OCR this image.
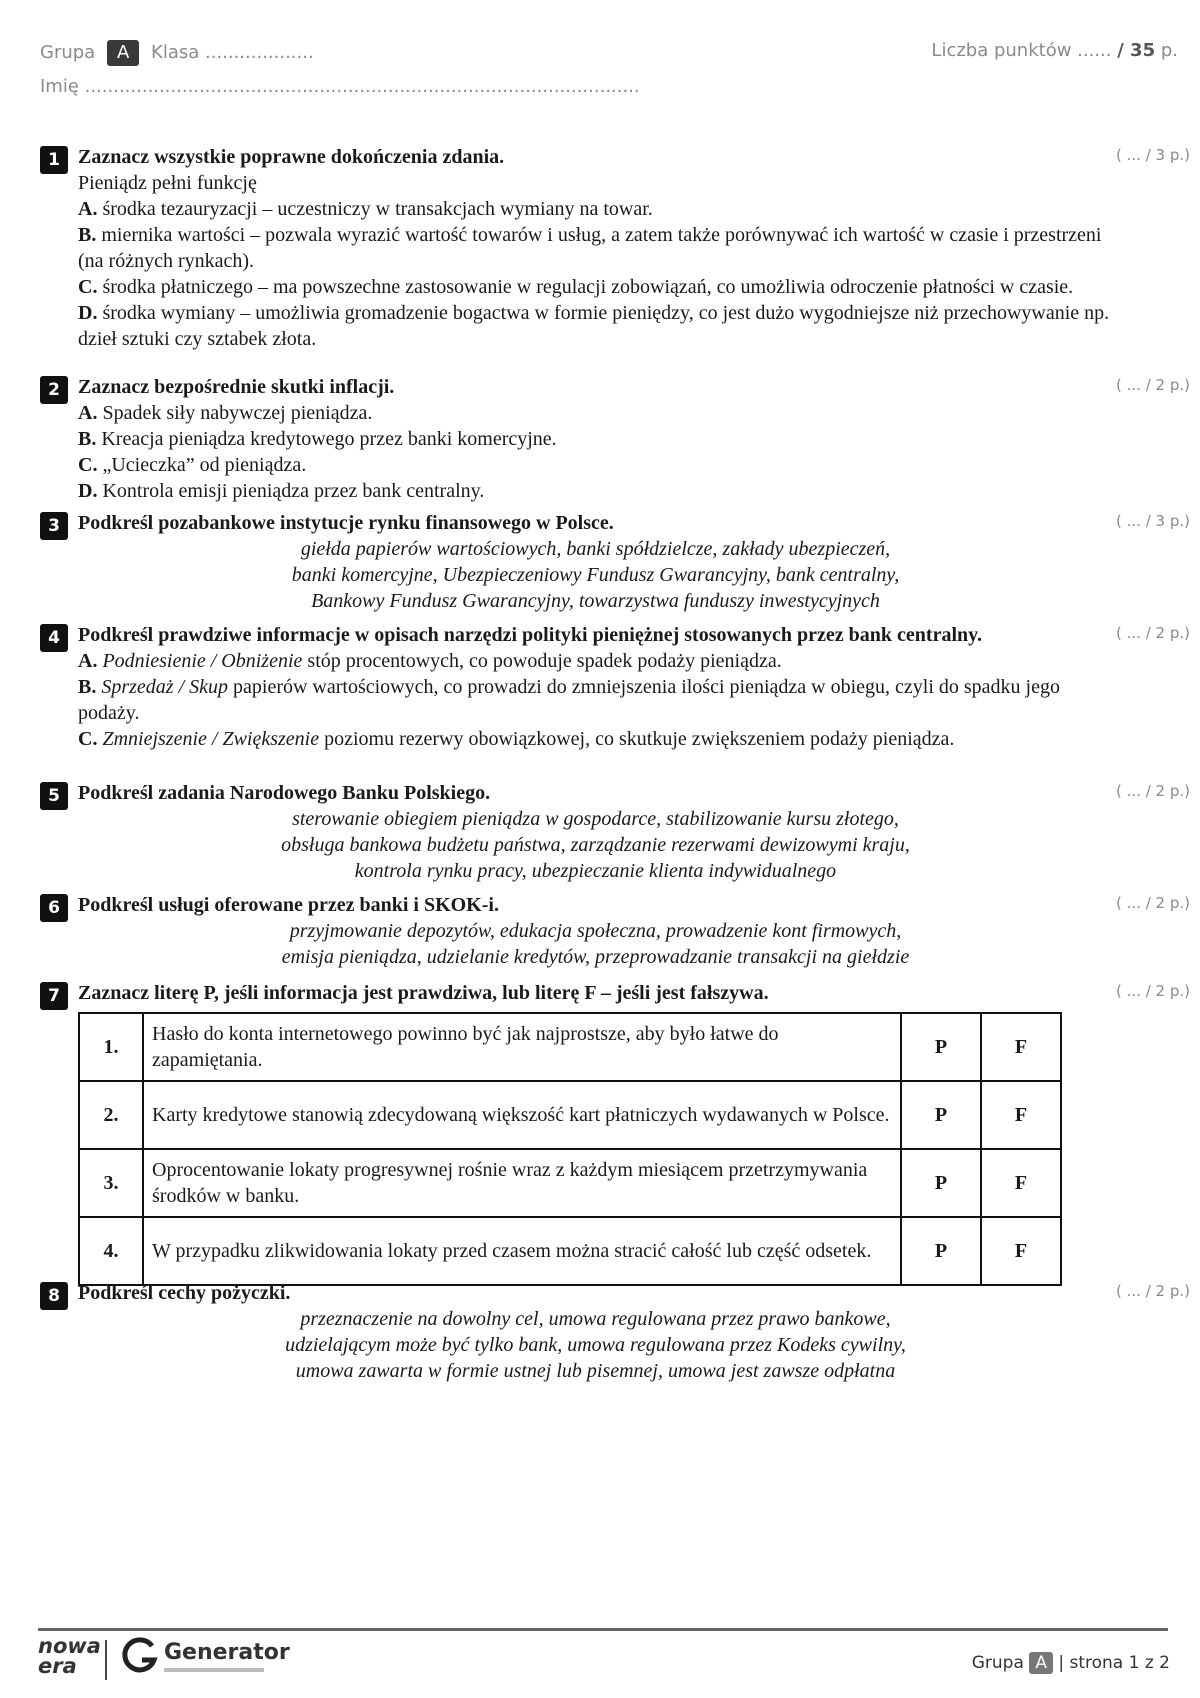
Grupa A Klasa ...................	Liczba punktów ...... / 35 p.
Imię .................................................................................................
1	( ... / 3 p.)
Zaznacz wszystkie poprawne dokończenia zdania.
Pieniądz pełni funkcję
A. środka tezauryzacji – uczestniczy w transakcjach wymiany na towar.
B. miernika wartości – pozwala wyrazić wartość towarów i usług, a zatem także porównywać ich wartość w czasie i przestrzeni (na różnych rynkach).
C. środka płatniczego – ma powszechne zastosowanie w regulacji zobowiązań, co umożliwia odroczenie płatności w czasie.
D. środka wymiany – umożliwia gromadzenie bogactwa w formie pieniędzy, co jest dużo wygodniejsze niż przechowywanie np. dzieł sztuki czy sztabek złota.
2	( ... / 2 p.)
Zaznacz bezpośrednie skutki inflacji.
A. Spadek siły nabywczej pieniądza.
B. Kreacja pieniądza kredytowego przez banki komercyjne.
C. „Ucieczka” od pieniądza.
D. Kontrola emisji pieniądza przez bank centralny.
3	( ... / 3 p.)
Podkreśl pozabankowe instytucje rynku finansowego w Polsce.
giełda papierów wartościowych, banki spółdzielcze, zakłady ubezpieczeń,
banki komercyjne, Ubezpieczeniowy Fundusz Gwarancyjny, bank centralny,
Bankowy Fundusz Gwarancyjny, towarzystwa funduszy inwestycyjnych
4	( ... / 2 p.)
Podkreśl prawdziwe informacje w opisach narzędzi polityki pieniężnej stosowanych przez bank centralny.
A. Podniesienie / Obniżenie stóp procentowych, co powoduje spadek podaży pieniądza.
B. Sprzedaż / Skup papierów wartościowych, co prowadzi do zmniejszenia ilości pieniądza w obiegu, czyli do spadku jego podaży.
C. Zmniejszenie / Zwiększenie poziomu rezerwy obowiązkowej, co skutkuje zwiększeniem podaży pieniądza.
5	( ... / 2 p.)
Podkreśl zadania Narodowego Banku Polskiego.
sterowanie obiegiem pieniądza w gospodarce, stabilizowanie kursu złotego,
obsługa bankowa budżetu państwa, zarządzanie rezerwami dewizowymi kraju,
kontrola rynku pracy, ubezpieczanie klienta indywidualnego
6	( ... / 2 p.)
Podkreśl usługi oferowane przez banki i SKOK-i.
przyjmowanie depozytów, edukacja społeczna, prowadzenie kont firmowych,
emisja pieniądza, udzielanie kredytów, przeprowadzanie transakcji na giełdzie
7	( ... / 2 p.)
Zaznacz literę P, jeśli informacja jest prawdziwa, lub literę F – jeśli jest fałszywa.
1.	Hasło do konta internetowego powinno być jak najprostsze, aby było łatwe do zapamiętania.	P	F
2.	Karty kredytowe stanowią zdecydowaną większość kart płatniczych wydawanych w Polsce.	P	F
3.	Oprocentowanie lokaty progresywnej rośnie wraz z każdym miesiącem przetrzymywania środków w banku.	P	F
4.	W przypadku zlikwidowania lokaty przed czasem można stracić całość lub część odsetek.	P	F
8	( ... / 2 p.)
Podkreśl cechy pożyczki.
przeznaczenie na dowolny cel, umowa regulowana przez prawo bankowe,
udzielającym może być tylko bank, umowa regulowana przez Kodeks cywilny,
umowa zawarta w formie ustnej lub pisemnej, umowa jest zawsze odpłatna
nowa
era
Generator	Grupa A | strona 1 z 2
